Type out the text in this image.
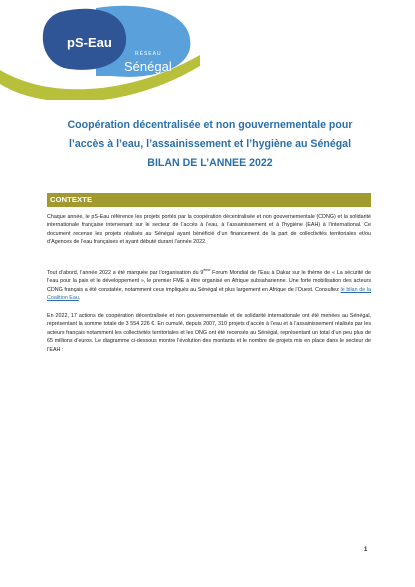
pS-Eau
RÉSEAU
Sénégal
Coopération décentralisée et non gouvernementale pour
l’accès à l’eau, l’assainissement et l’hygiène au Sénégal
BILAN DE L’ANNEE 2022
CONTEXTE

Chaque année, le pS-Eau référence les projets portés par la coopération décentralisée et non gouvernementale (CDNG) et la solidarité internationale française intervenant sur le secteur de l’accès à l’eau, à l’assainissement et à l’hygiène (EAH) à l’international. Ce document recense les projets réalisés au Sénégal ayant bénéficié d’un financement de la part de collectivités territoriales et/ou d’Agences de l’eau françaises et ayant débuté durant l’année 2022.

Tout d’abord, l’année 2022 a été marquée par l’organisation du 9ème Forum Mondial de l’Eau à Dakar sur le thème de « La sécurité de l’eau pour la paix et le développement », le premier FME à être organisé en Afrique subsaharienne. Une forte mobilisation des acteurs CDNG français a été constatée, notamment ceux impliqués au Sénégal et plus largement en Afrique de l’Ouest. Consultez le bilan de la Coalition Eau.

En 2022, 17 actions de coopération décentralisée et non gouvernementale et de solidarité internationale ont été menées au Sénégal, représentant la somme totale de 3 554 226 €. En cumulé, depuis 2007, 310 projets d’accès à l’eau et à l’assainissement réalisés par les acteurs français notamment les collectivités territoriales et les ONG ont été recensés au Sénégal, représentant un total d’un peu plus de 65 millions d’euros. Le diagramme ci-dessous montre l’évolution des montants et le nombre de projets mis en place dans le secteur de l’EAH :

1
